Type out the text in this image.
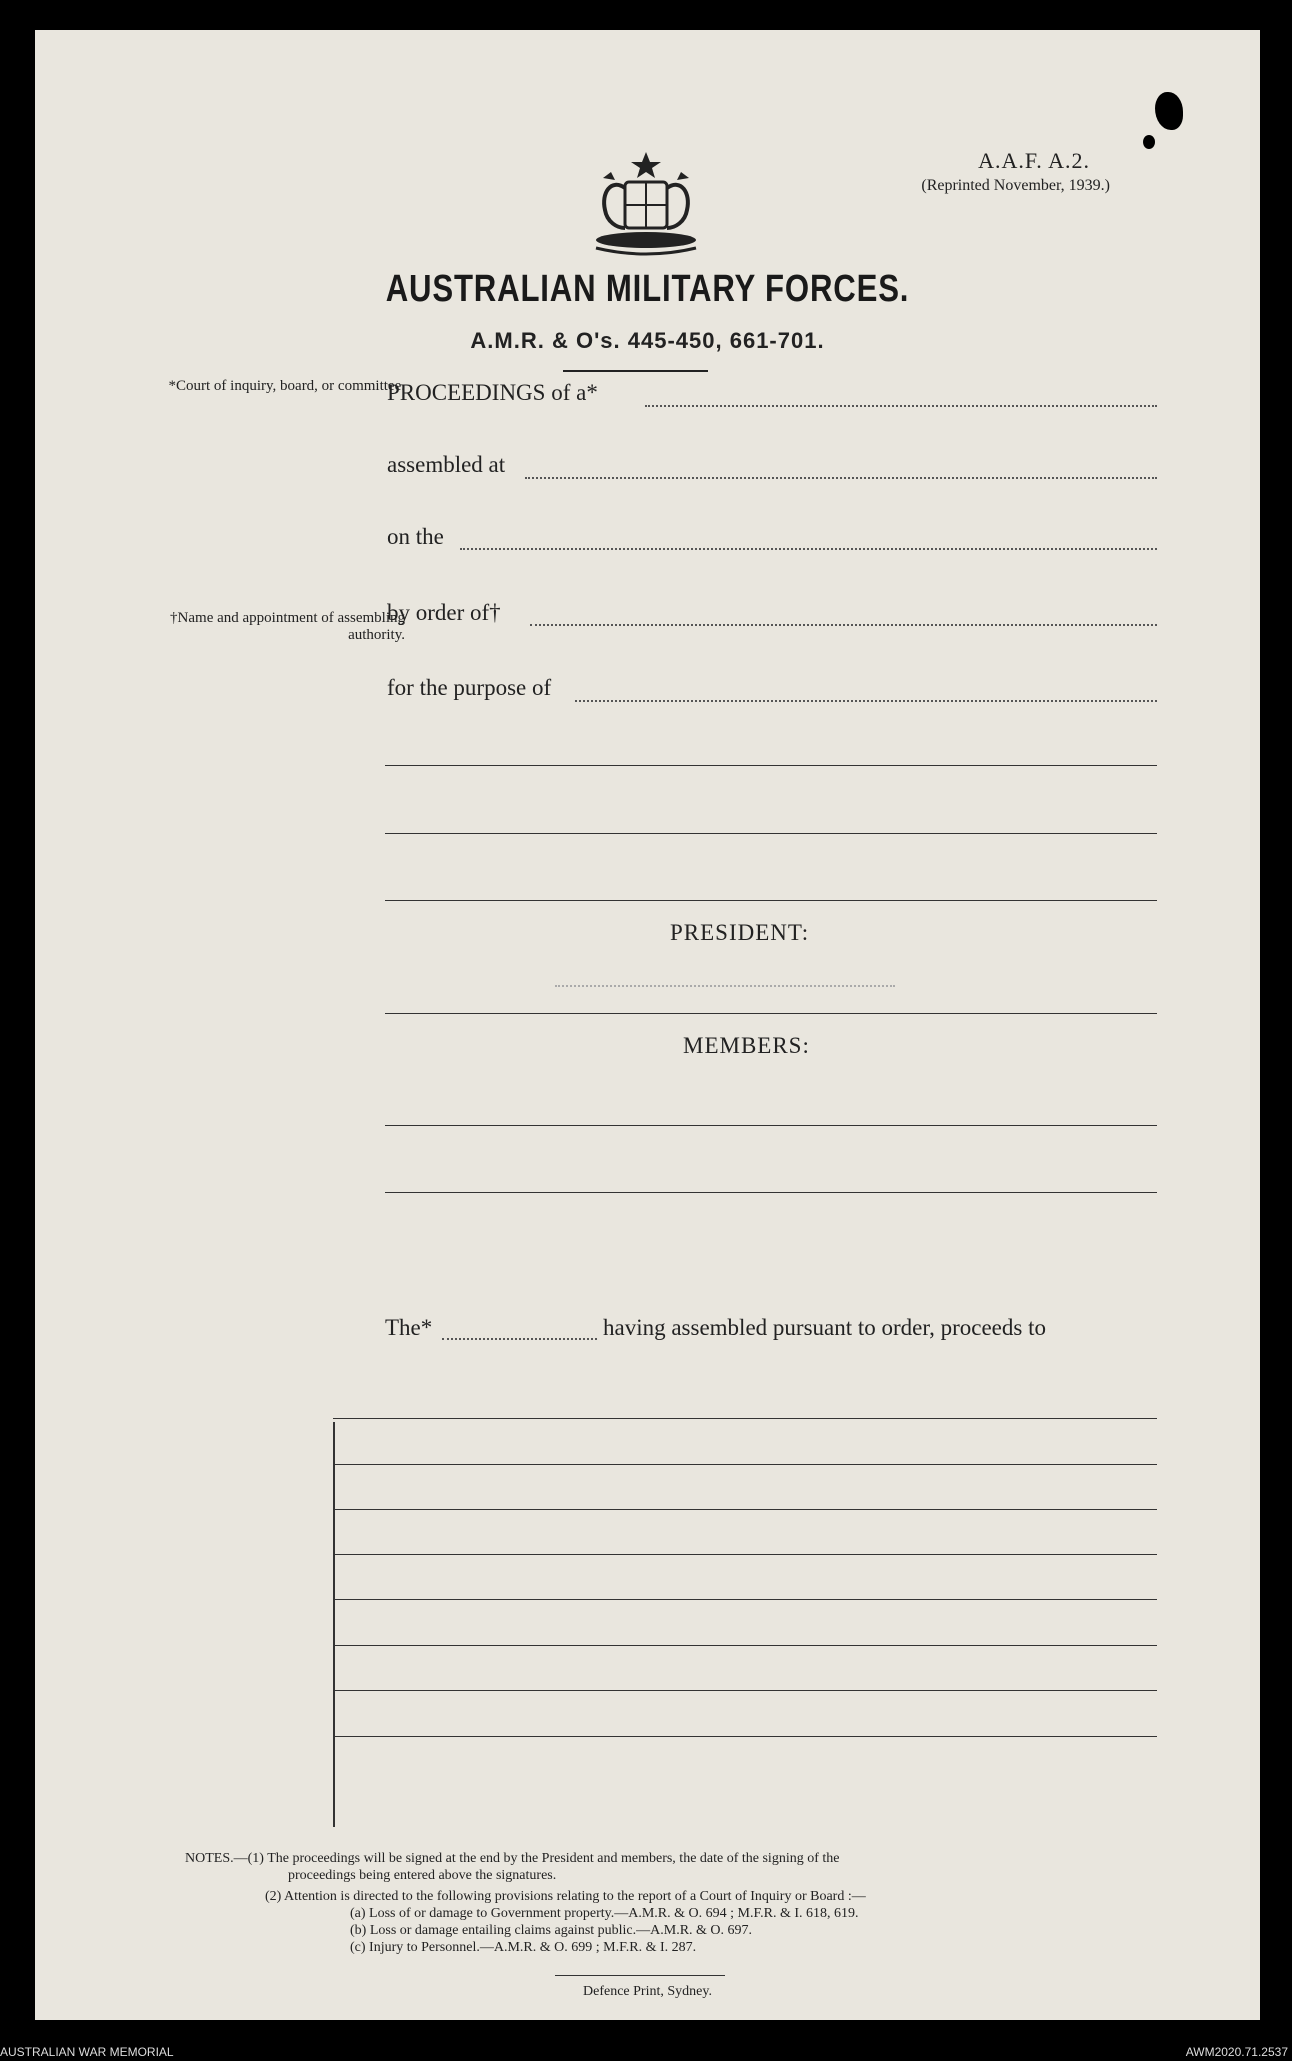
A.A.F. A.2.
(Reprinted November, 1939.)
AUSTRALIAN MILITARY FORCES.
A.M.R. & O's. 445-450, 661-701.
*Court of inquiry, board, or committee.
†Name and appointment of assembling authority.
PROCEEDINGS of a*
assembled at
on the
by order of†
for the purpose of
PRESIDENT:
MEMBERS:
The*	having assembled pursuant to order, proceeds to
NOTES.—(1) The proceedings will be signed at the end by the President and members, the date of the signing of the
proceedings being entered above the signatures.
(2) Attention is directed to the following provisions relating to the report of a Court of Inquiry or Board :—
(a) Loss of or damage to Government property.—A.M.R. & O. 694 ; M.F.R. & I. 618, 619.
(b) Loss or damage entailing claims against public.—A.M.R. & O. 697.
(c) Injury to Personnel.—A.M.R. & O. 699 ; M.F.R. & I. 287.
Defence Print, Sydney.
AUSTRALIAN WAR MEMORIAL	AWM2020.71.2537
